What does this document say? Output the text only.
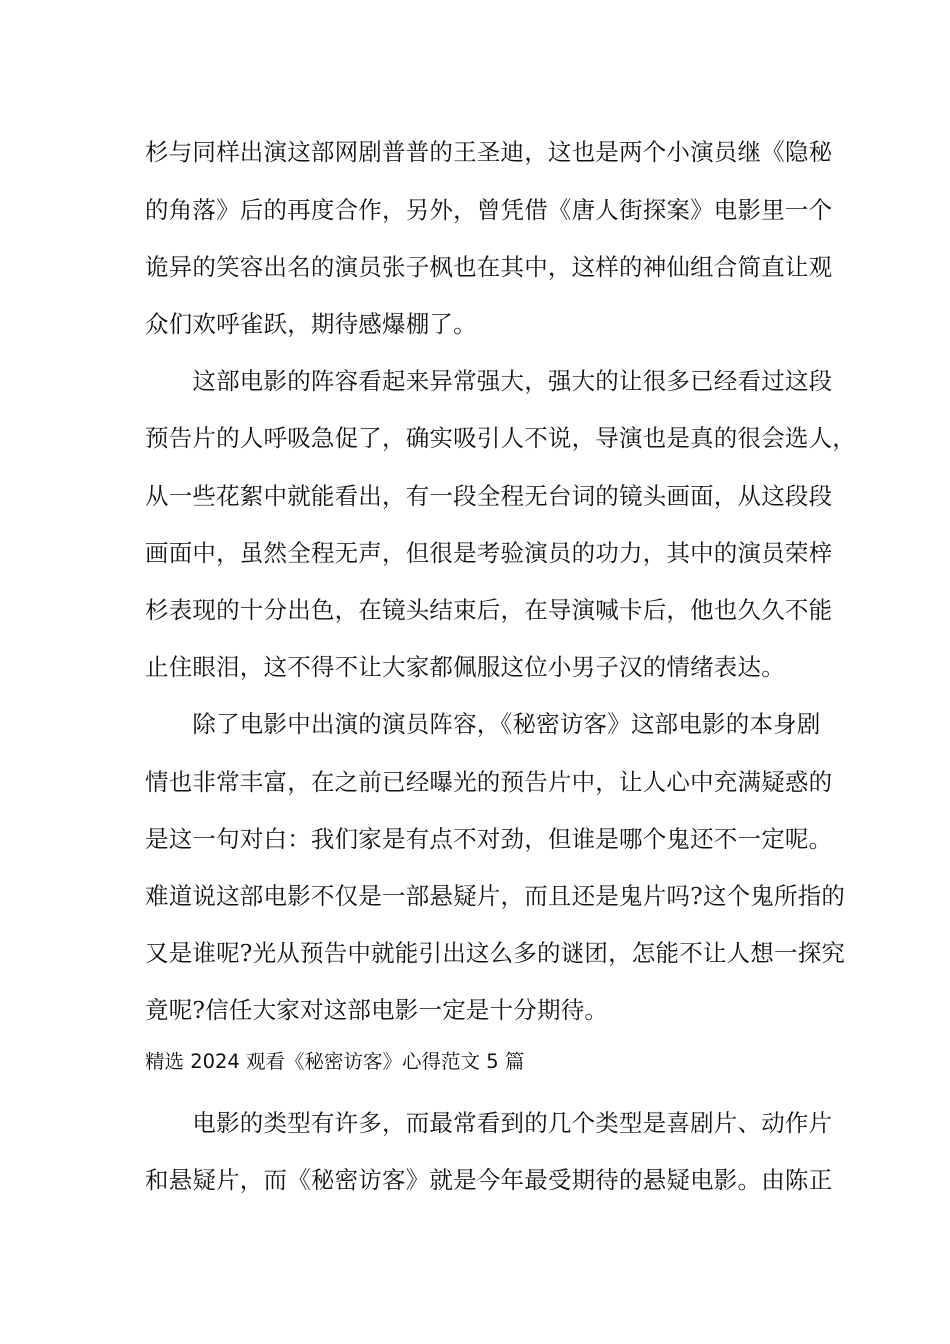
杉与同样出演这部网剧普普的王圣迪，这也是两个小演员继《隐秘
的角落》后的再度合作，另外，曾凭借《唐人街探案》电影里一个
诡异的笑容出名的演员张子枫也在其中，这样的神仙组合简直让观
众们欢呼雀跃，期待感爆棚了。
　　这部电影的阵容看起来异常强大，强大的让很多已经看过这段
预告片的人呼吸急促了，确实吸引人不说，导演也是真的很会选人，
从一些花絮中就能看出，有一段全程无台词的镜头画面，从这段段
画面中，虽然全程无声，但很是考验演员的功力，其中的演员荣梓
杉表现的十分出色，在镜头结束后，在导演喊卡后，他也久久不能
止住眼泪，这不得不让大家都佩服这位小男子汉的情绪表达。
　　除了电影中出演的演员阵容，《秘密访客》这部电影的本身剧
情也非常丰富，在之前已经曝光的预告片中，让人心中充满疑惑的
是这一句对白：我们家是有点不对劲，但谁是哪个鬼还不一定呢。
难道说这部电影不仅是一部悬疑片，而且还是鬼片吗?这个鬼所指的
又是谁呢?光从预告中就能引出这么多的谜团，怎能不让人想一探究
竟呢?信任大家对这部电影一定是十分期待。
精选 2024 观看《秘密访客》心得范文 5 篇
　　电影的类型有许多，而最常看到的几个类型是喜剧片、动作片
和悬疑片，而《秘密访客》就是今年最受期待的悬疑电影。由陈正
